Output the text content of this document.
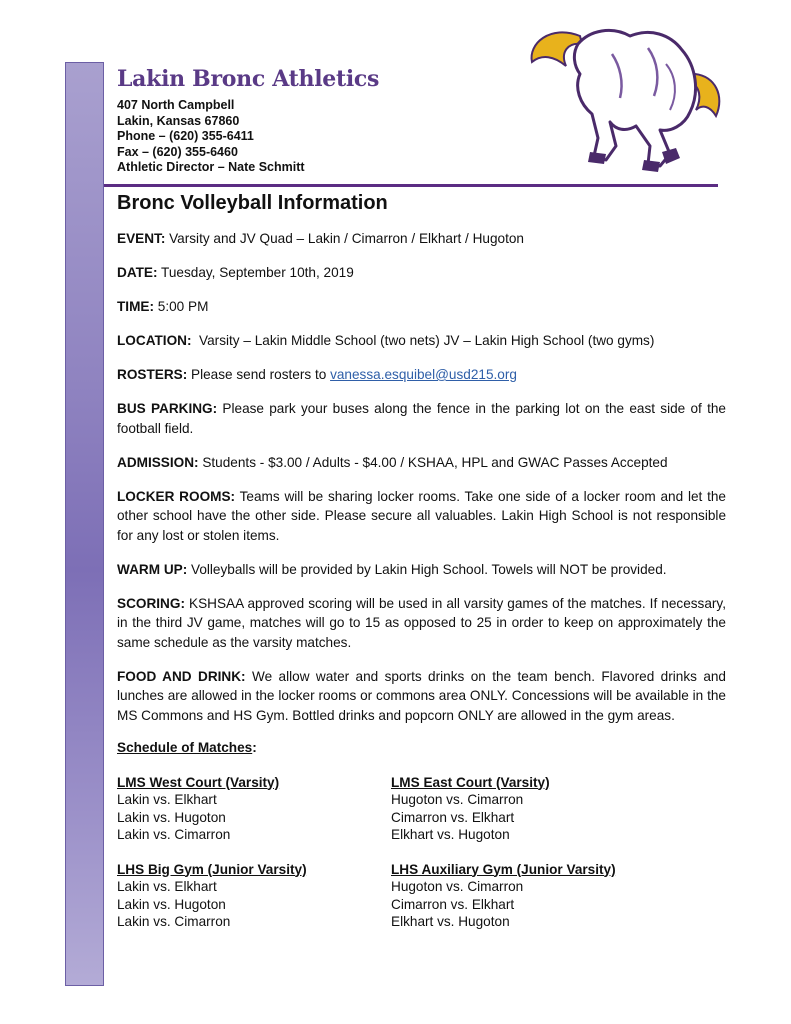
Lakin Bronc Athletics
407 North Campbell
Lakin, Kansas 67860
Phone – (620) 355-6411
Fax – (620) 355-6460
Athletic Director – Nate Schmitt
Bronc Volleyball Information
EVENT: Varsity and JV Quad – Lakin / Cimarron / Elkhart / Hugoton
DATE: Tuesday, September 10th, 2019
TIME: 5:00 PM
LOCATION:  Varsity – Lakin Middle School (two nets) JV – Lakin High School (two gyms)
ROSTERS: Please send rosters to vanessa.esquibel@usd215.org
BUS PARKING: Please park your buses along the fence in the parking lot on the east side of the football field.
ADMISSION: Students - $3.00 / Adults - $4.00 / KSHAA, HPL and GWAC Passes Accepted
LOCKER ROOMS: Teams will be sharing locker rooms. Take one side of a locker room and let the other school have the other side. Please secure all valuables. Lakin High School is not responsible for any lost or stolen items.
WARM UP: Volleyballs will be provided by Lakin High School. Towels will NOT be provided.
SCORING: KSHSAA approved scoring will be used in all varsity games of the matches. If necessary, in the third JV game, matches will go to 15 as opposed to 25 in order to keep on approximately the same schedule as the varsity matches.
FOOD AND DRINK: We allow water and sports drinks on the team bench. Flavored drinks and lunches are allowed in the locker rooms or commons area ONLY. Concessions will be available in the MS Commons and HS Gym. Bottled drinks and popcorn ONLY are allowed in the gym areas.
Schedule of Matches:
LMS West Court (Varsity)
Lakin vs. Elkhart
Lakin vs. Hugoton
Lakin vs. Cimarron
LMS East Court (Varsity)
Hugoton vs. Cimarron
Cimarron vs. Elkhart
Elkhart vs. Hugoton
LHS Big Gym (Junior Varsity)
Lakin vs. Elkhart
Lakin vs. Hugoton
Lakin vs. Cimarron
LHS Auxiliary Gym (Junior Varsity)
Hugoton vs. Cimarron
Cimarron vs. Elkhart
Elkhart vs. Hugoton
